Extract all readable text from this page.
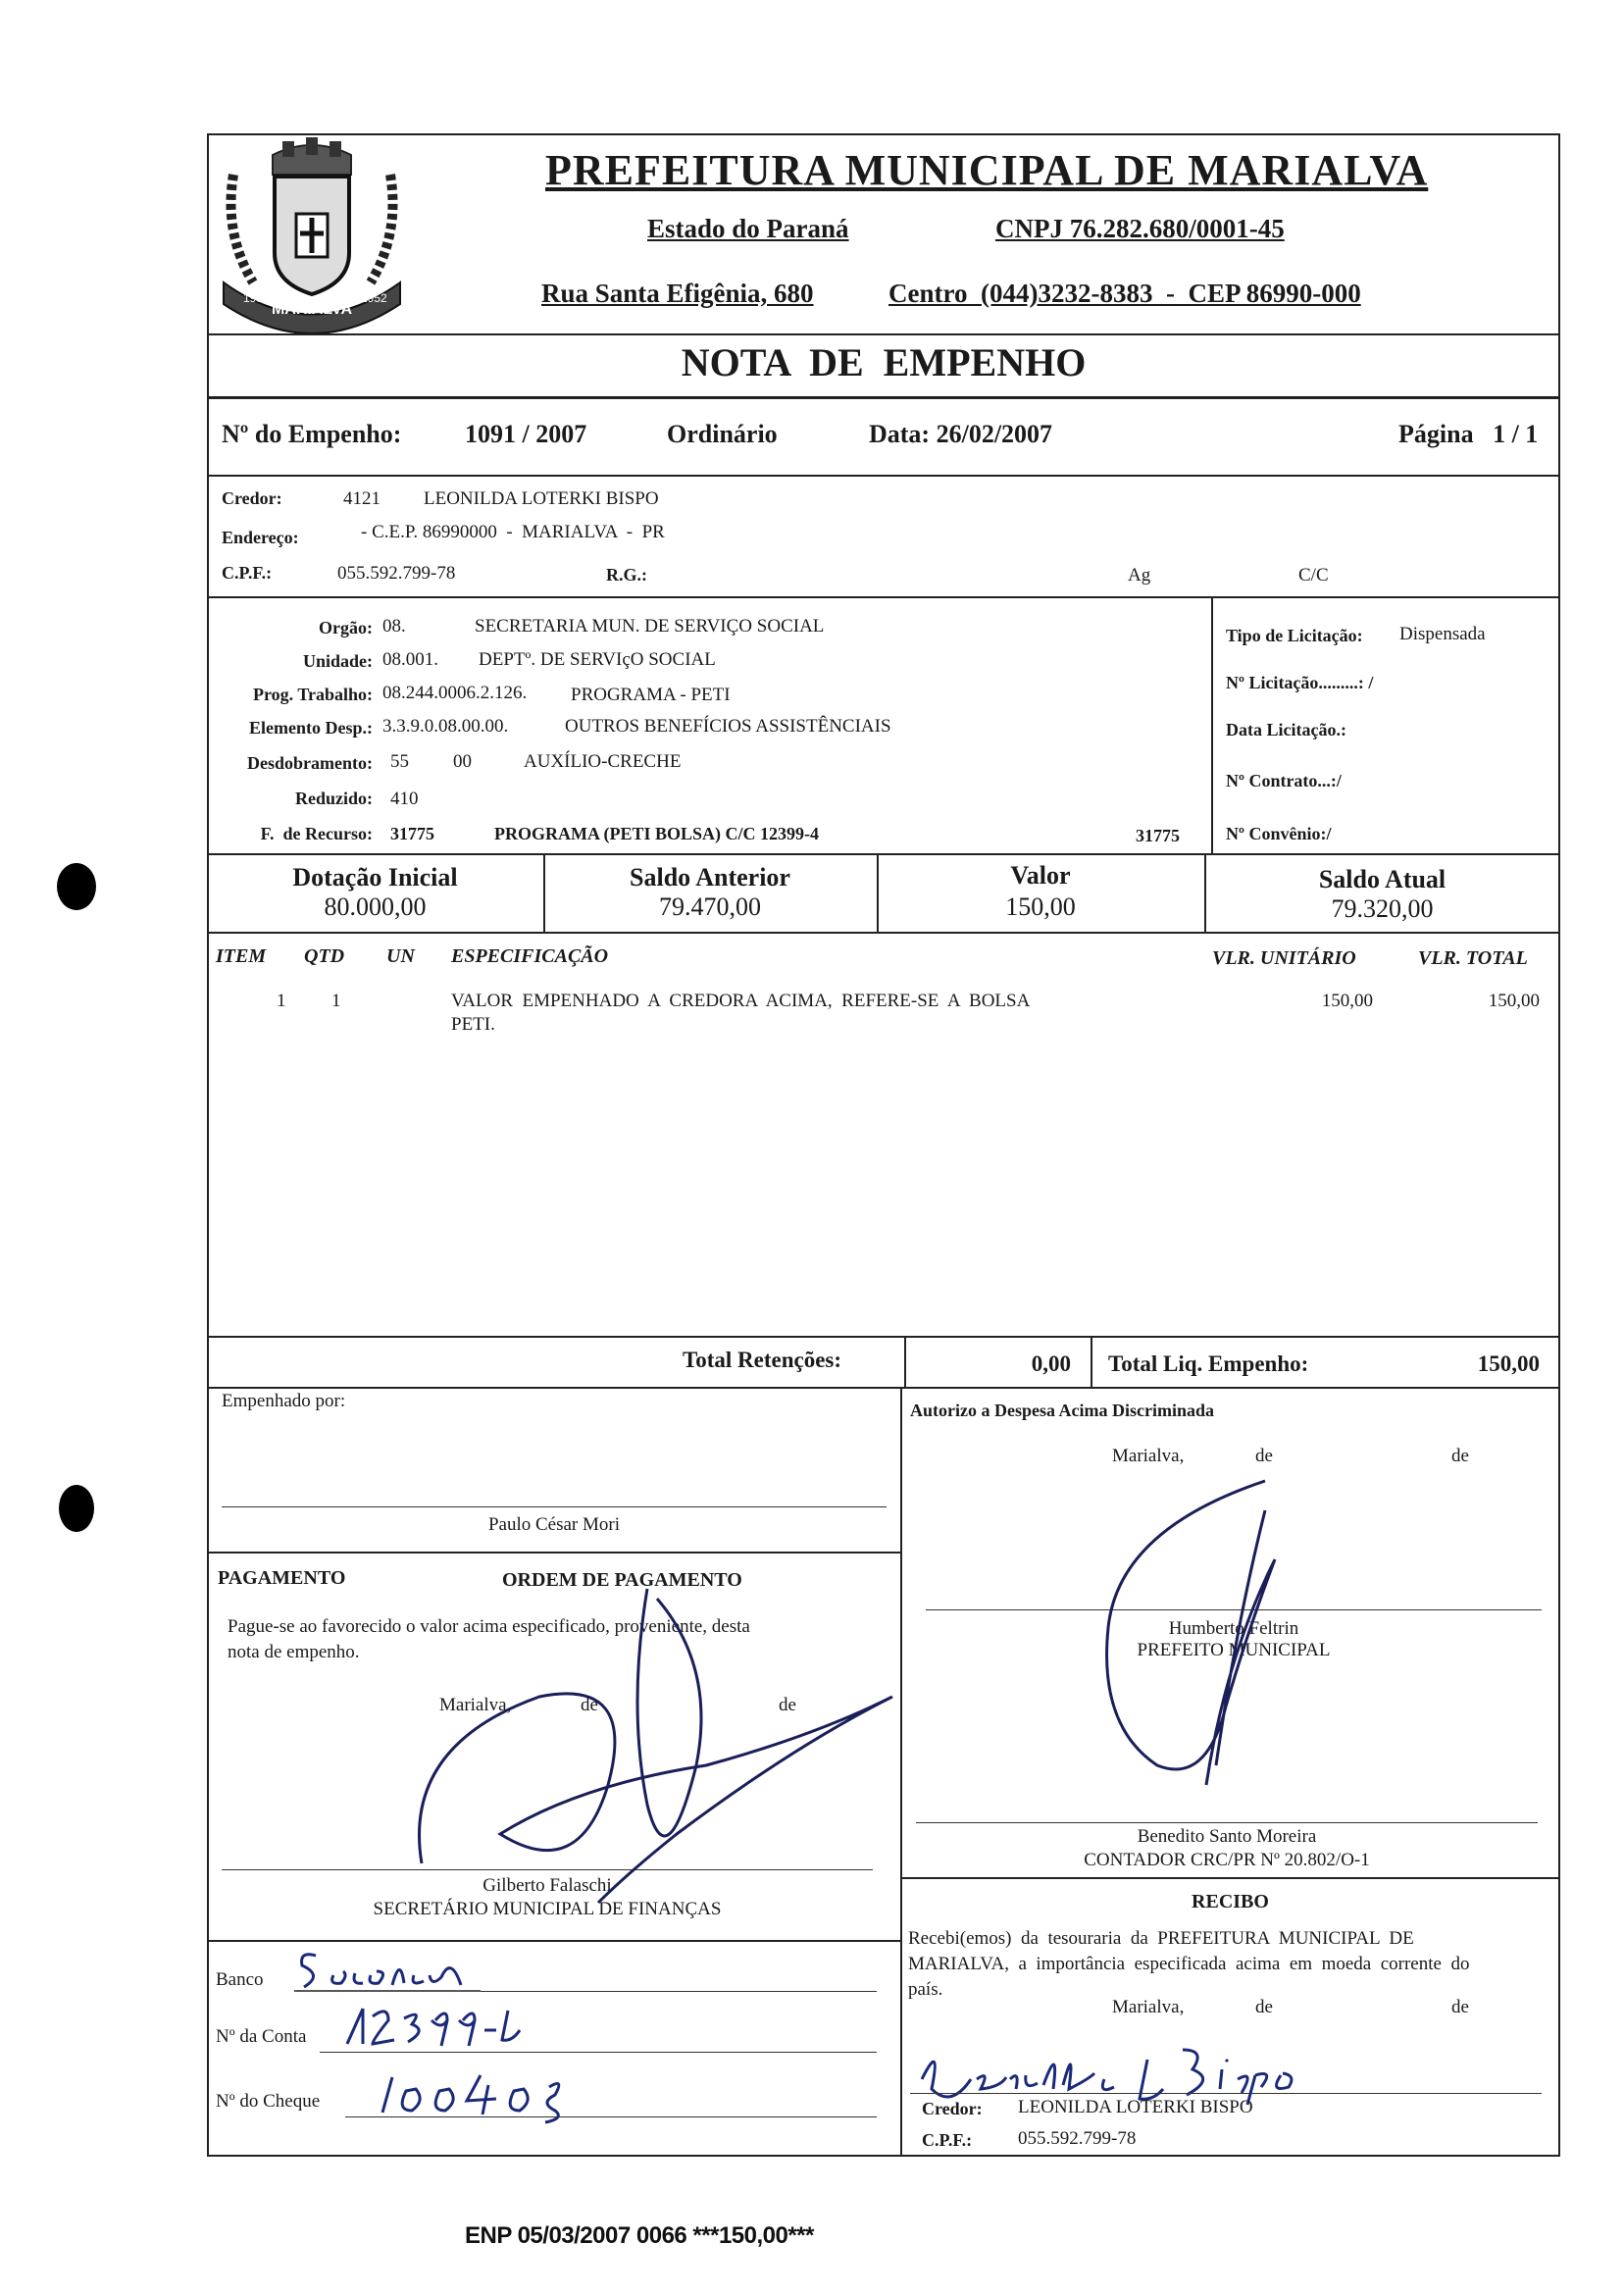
MARIALVA
1951	1952
PREFEITURA MUNICIPAL DE MARIALVA
Estado do Paraná	CNPJ 76.282.680/0001-45
Rua Santa Efigênia, 680	Centro  (044)3232-8383  -  CEP 86990-000
NOTA  DE  EMPENHO
Nº do Empenho: 1091 / 2007	Ordinário	Data: 26/02/2007	Página   1 / 1
Credor:	4121 LEONILDA LOTERKI BISPO
Endereço:	- C.E.P. 86990000  -  MARIALVA  -  PR
C.P.F.:	055.592.799-78	R.G.:	Ag	C/C
Orgão: 08.	SECRETARIA MUN. DE SERVIÇO SOCIAL
Unidade: 08.001. DEPTº. DE SERVIçO SOCIAL
Prog. Trabalho: 08.244.0006.2.126. PROGRAMA - PETI
Elemento Desp.: 3.3.9.0.08.00.00.	OUTROS BENEFÍCIOS ASSISTÊNCIAIS
Desdobramento: 55 00	AUXÍLIO-CRECHE
Reduzido: 410
F.  de Recurso: 31775	PROGRAMA (PETI BOLSA) C/C 12399-4	31775
Tipo de Licitação: Dispensada
Nº Licitação.........: /
Data Licitação.:
Nº Contrato...:/
Nº Convênio:/
Dotação Inicial
80.000,00
Saldo Anterior
79.470,00
Valor
150,00
Saldo Atual
79.320,00
ITEM QTD UN ESPECIFICAÇÃO	VLR. UNITÁRIO	VLR. TOTAL
1 1	VALOR  EMPENHADO  A  CREDORA  ACIMA,  REFERE-SE  A  BOLSA
PETI.
150,00	150,00
Total Retenções:	0,00 Total Liq. Empenho:	150,00
Empenhado por:
Paulo César Mori
Autorizo a Despesa Acima Discriminada
Marialva,	de	de
Humberto Feltrin
PREFEITO MUNICIPAL
Benedito Santo Moreira
CONTADOR CRC/PR Nº 20.802/O-1
PAGAMENTO	ORDEM DE PAGAMENTO
Pague-se ao favorecido o valor acima especificado, proveniente, desta
nota de empenho.
Marialva,	de	de
Gilberto Falaschi
SECRETÁRIO MUNICIPAL DE FINANÇAS
Banco
Nº da Conta
Nº do Cheque
RECIBO
Recebi(emos)  da  tesouraria  da  PREFEITURA  MUNICIPAL  DE
MARIALVA,  a  importância  especificada  acima  em  moeda  corrente  do
país.
Marialva,	de	de
Credor: LEONILDA LOTERKI BISPO
C.P.F.: 055.592.799-78
ENP 05/03/2007 0066 ***150,00***
